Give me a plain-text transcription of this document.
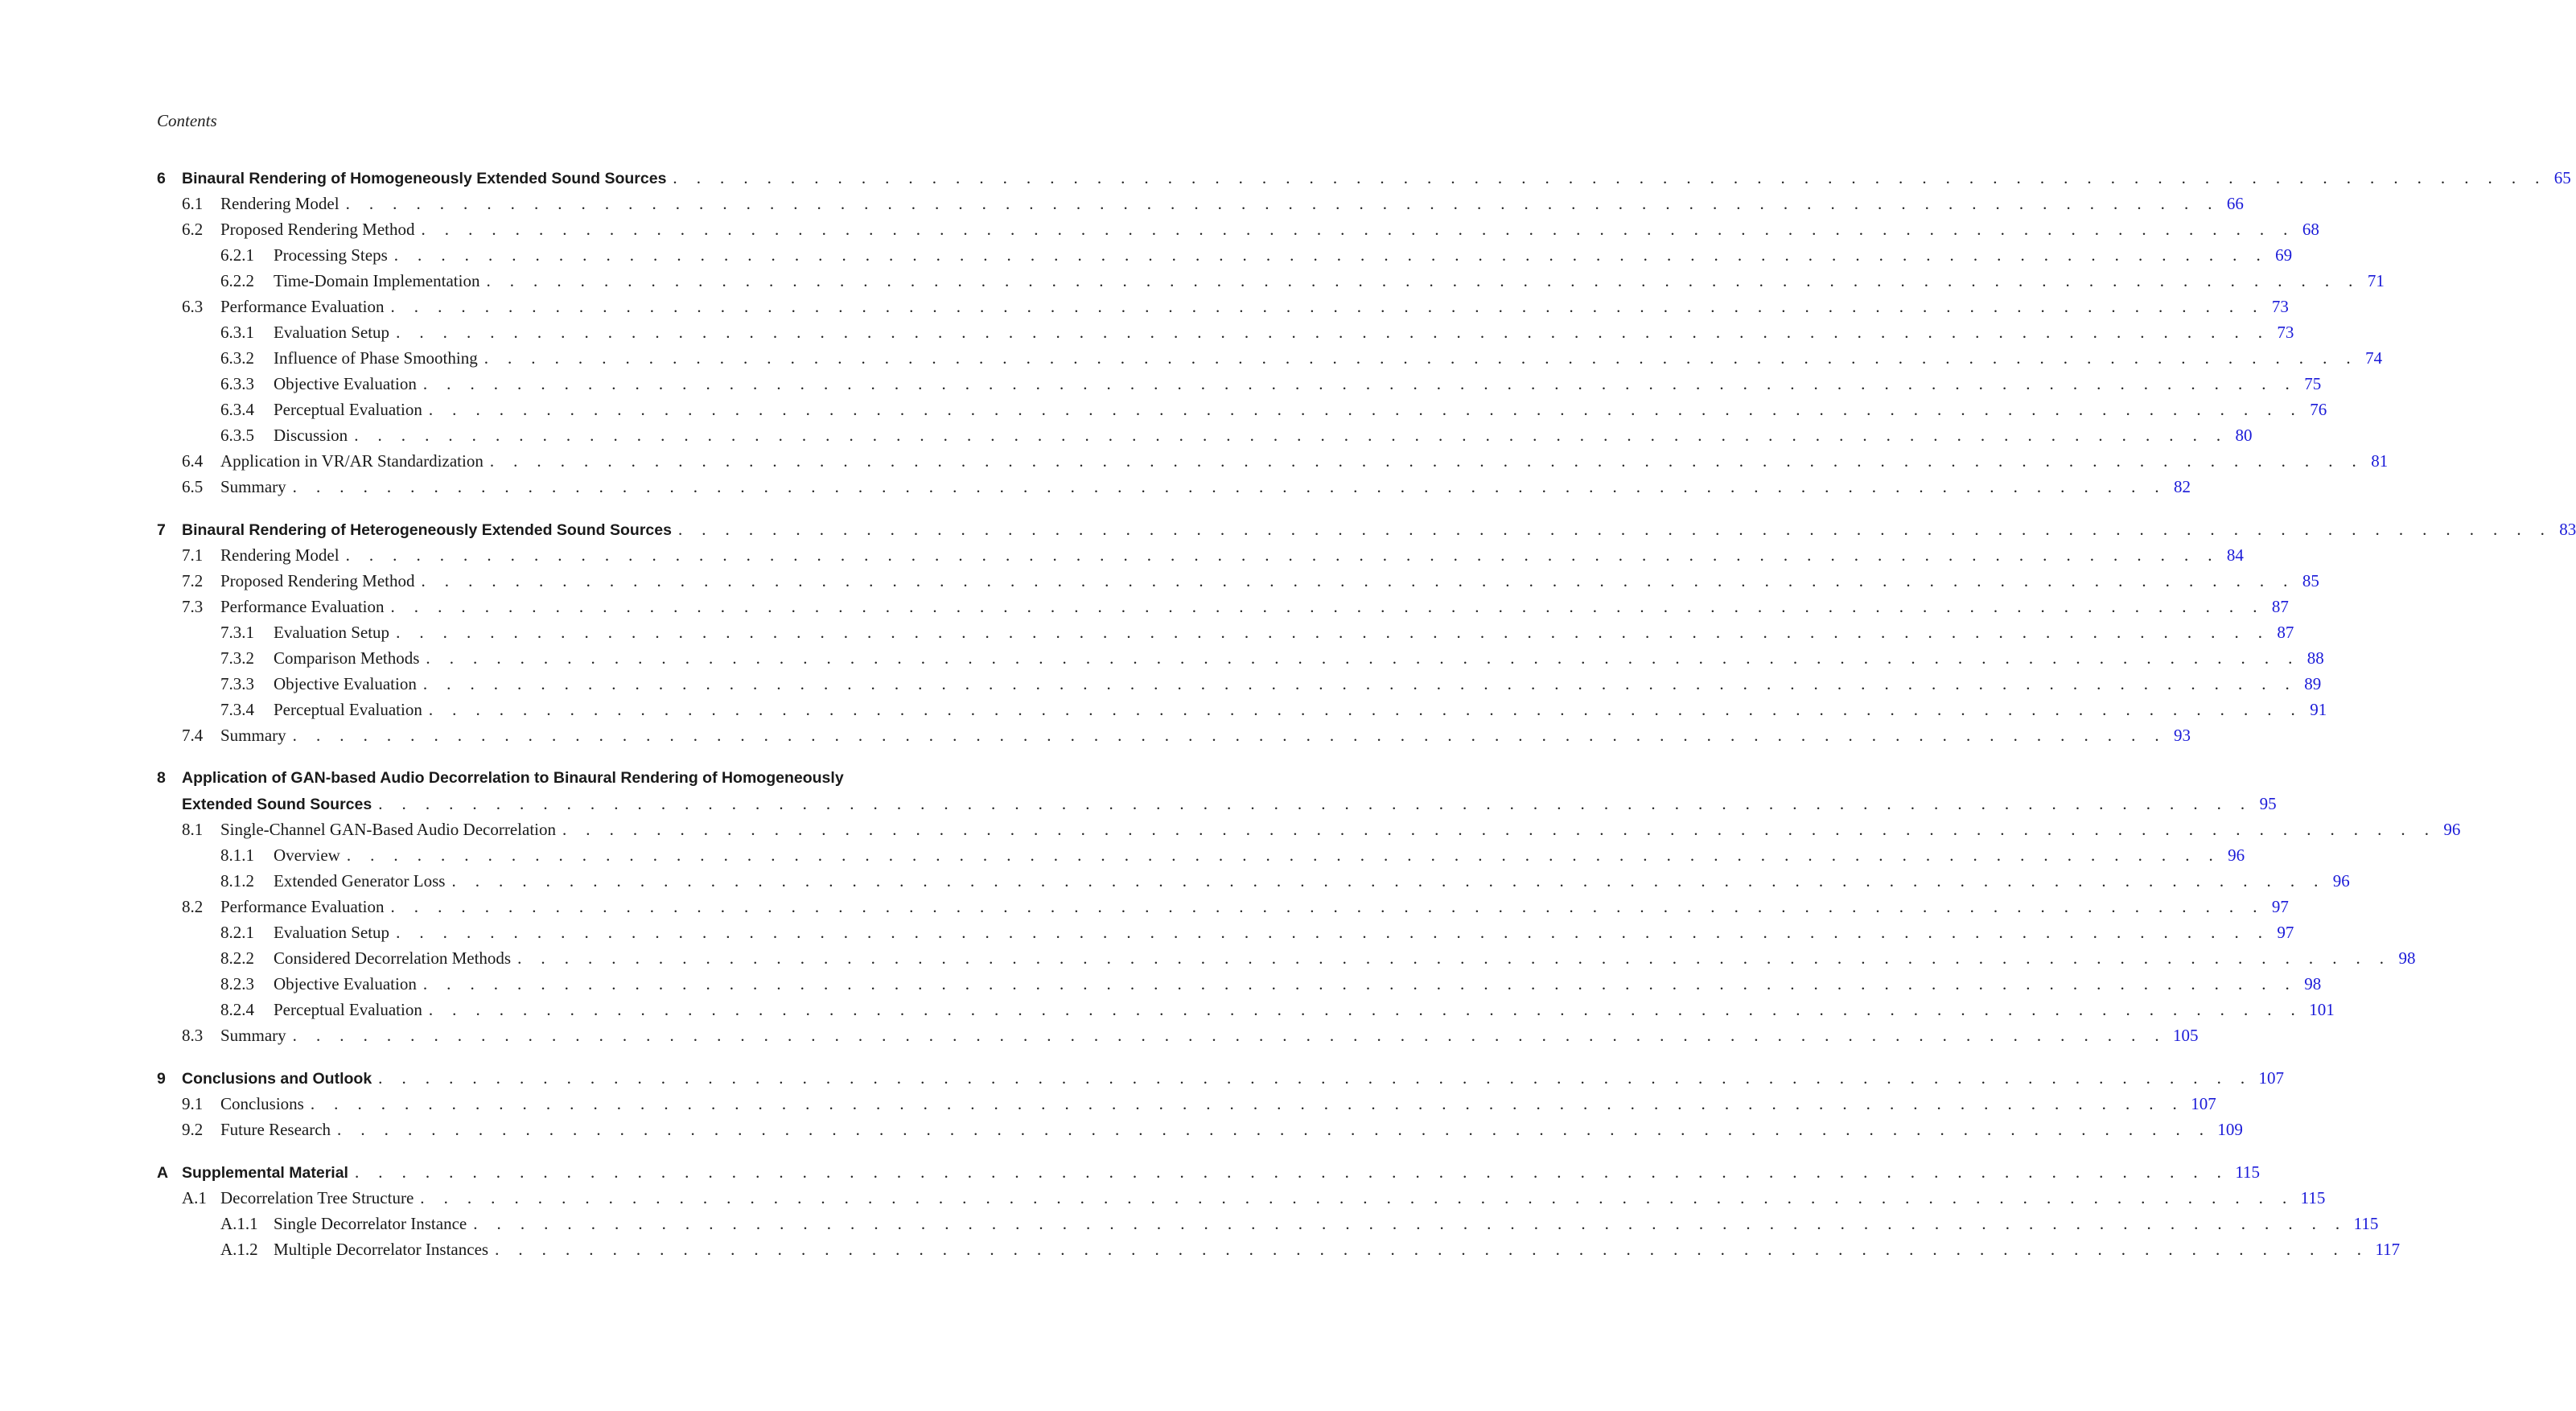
Contents
6	Binaural Rendering of Homogeneously Extended Sound Sources . . . . . . . . . . . . . . . . . . . . . . . . . . . . . . . . . . . . . . . . . . . . . . . . . . . . . . . . . . . . . . . . . . . . . . . . . . . . . . . . 65
6.1	Rendering Model . . . . . . . . . . . . . . . . . . . . . . . . . . . . . . . . . . . . . . . . . . . . . . . . . . . . . . . . . . . . . . . . . . . . . . . . . . . . . . . . 66
6.2	Proposed Rendering Method . . . . . . . . . . . . . . . . . . . . . . . . . . . . . . . . . . . . . . . . . . . . . . . . . . . . . . . . . . . . . . . . . . . . . . . . . . . . . . . . 68
6.2.1	Processing Steps . . . . . . . . . . . . . . . . . . . . . . . . . . . . . . . . . . . . . . . . . . . . . . . . . . . . . . . . . . . . . . . . . . . . . . . . . . . . . . . . 69
6.2.2	Time-Domain Implementation . . . . . . . . . . . . . . . . . . . . . . . . . . . . . . . . . . . . . . . . . . . . . . . . . . . . . . . . . . . . . . . . . . . . . . . . . . . . . . . . 71
6.3	Performance Evaluation . . . . . . . . . . . . . . . . . . . . . . . . . . . . . . . . . . . . . . . . . . . . . . . . . . . . . . . . . . . . . . . . . . . . . . . . . . . . . . . . 73
6.3.1	Evaluation Setup . . . . . . . . . . . . . . . . . . . . . . . . . . . . . . . . . . . . . . . . . . . . . . . . . . . . . . . . . . . . . . . . . . . . . . . . . . . . . . . . 73
6.3.2	Influence of Phase Smoothing . . . . . . . . . . . . . . . . . . . . . . . . . . . . . . . . . . . . . . . . . . . . . . . . . . . . . . . . . . . . . . . . . . . . . . . . . . . . . . . . 74
6.3.3	Objective Evaluation . . . . . . . . . . . . . . . . . . . . . . . . . . . . . . . . . . . . . . . . . . . . . . . . . . . . . . . . . . . . . . . . . . . . . . . . . . . . . . . . 75
6.3.4	Perceptual Evaluation . . . . . . . . . . . . . . . . . . . . . . . . . . . . . . . . . . . . . . . . . . . . . . . . . . . . . . . . . . . . . . . . . . . . . . . . . . . . . . . . 76
6.3.5	Discussion . . . . . . . . . . . . . . . . . . . . . . . . . . . . . . . . . . . . . . . . . . . . . . . . . . . . . . . . . . . . . . . . . . . . . . . . . . . . . . . . 80
6.4	Application in VR/AR Standardization . . . . . . . . . . . . . . . . . . . . . . . . . . . . . . . . . . . . . . . . . . . . . . . . . . . . . . . . . . . . . . . . . . . . . . . . . . . . . . . . 81
6.5	Summary . . . . . . . . . . . . . . . . . . . . . . . . . . . . . . . . . . . . . . . . . . . . . . . . . . . . . . . . . . . . . . . . . . . . . . . . . . . . . . . . 82
7	Binaural Rendering of Heterogeneously Extended Sound Sources . . . . . . . . . . . . . . . . . . . . . . . . . . . . . . . . . . . . . . . . . . . . . . . . . . . . . . . . . . . . . . . . . . . . . . . . . . . . . . . . 83
7.1	Rendering Model . . . . . . . . . . . . . . . . . . . . . . . . . . . . . . . . . . . . . . . . . . . . . . . . . . . . . . . . . . . . . . . . . . . . . . . . . . . . . . . . 84
7.2	Proposed Rendering Method . . . . . . . . . . . . . . . . . . . . . . . . . . . . . . . . . . . . . . . . . . . . . . . . . . . . . . . . . . . . . . . . . . . . . . . . . . . . . . . . 85
7.3	Performance Evaluation . . . . . . . . . . . . . . . . . . . . . . . . . . . . . . . . . . . . . . . . . . . . . . . . . . . . . . . . . . . . . . . . . . . . . . . . . . . . . . . . 87
7.3.1	Evaluation Setup . . . . . . . . . . . . . . . . . . . . . . . . . . . . . . . . . . . . . . . . . . . . . . . . . . . . . . . . . . . . . . . . . . . . . . . . . . . . . . . . 87
7.3.2	Comparison Methods . . . . . . . . . . . . . . . . . . . . . . . . . . . . . . . . . . . . . . . . . . . . . . . . . . . . . . . . . . . . . . . . . . . . . . . . . . . . . . . . 88
7.3.3	Objective Evaluation . . . . . . . . . . . . . . . . . . . . . . . . . . . . . . . . . . . . . . . . . . . . . . . . . . . . . . . . . . . . . . . . . . . . . . . . . . . . . . . . 89
7.3.4	Perceptual Evaluation . . . . . . . . . . . . . . . . . . . . . . . . . . . . . . . . . . . . . . . . . . . . . . . . . . . . . . . . . . . . . . . . . . . . . . . . . . . . . . . . 91
7.4	Summary . . . . . . . . . . . . . . . . . . . . . . . . . . . . . . . . . . . . . . . . . . . . . . . . . . . . . . . . . . . . . . . . . . . . . . . . . . . . . . . . 93
8	Application of GAN-based Audio Decorrelation to Binaural Rendering of Homogeneously
Extended Sound Sources . . . . . . . . . . . . . . . . . . . . . . . . . . . . . . . . . . . . . . . . . . . . . . . . . . . . . . . . . . . . . . . . . . . . . . . . . . . . . . . . 95
8.1	Single-Channel GAN-Based Audio Decorrelation . . . . . . . . . . . . . . . . . . . . . . . . . . . . . . . . . . . . . . . . . . . . . . . . . . . . . . . . . . . . . . . . . . . . . . . . . . . . . . . . 96
8.1.1	Overview . . . . . . . . . . . . . . . . . . . . . . . . . . . . . . . . . . . . . . . . . . . . . . . . . . . . . . . . . . . . . . . . . . . . . . . . . . . . . . . . 96
8.1.2	Extended Generator Loss . . . . . . . . . . . . . . . . . . . . . . . . . . . . . . . . . . . . . . . . . . . . . . . . . . . . . . . . . . . . . . . . . . . . . . . . . . . . . . . . 96
8.2	Performance Evaluation . . . . . . . . . . . . . . . . . . . . . . . . . . . . . . . . . . . . . . . . . . . . . . . . . . . . . . . . . . . . . . . . . . . . . . . . . . . . . . . . 97
8.2.1	Evaluation Setup . . . . . . . . . . . . . . . . . . . . . . . . . . . . . . . . . . . . . . . . . . . . . . . . . . . . . . . . . . . . . . . . . . . . . . . . . . . . . . . . 97
8.2.2	Considered Decorrelation Methods . . . . . . . . . . . . . . . . . . . . . . . . . . . . . . . . . . . . . . . . . . . . . . . . . . . . . . . . . . . . . . . . . . . . . . . . . . . . . . . . 98
8.2.3	Objective Evaluation . . . . . . . . . . . . . . . . . . . . . . . . . . . . . . . . . . . . . . . . . . . . . . . . . . . . . . . . . . . . . . . . . . . . . . . . . . . . . . . . 98
8.2.4	Perceptual Evaluation . . . . . . . . . . . . . . . . . . . . . . . . . . . . . . . . . . . . . . . . . . . . . . . . . . . . . . . . . . . . . . . . . . . . . . . . . . . . . . . . 101
8.3	Summary . . . . . . . . . . . . . . . . . . . . . . . . . . . . . . . . . . . . . . . . . . . . . . . . . . . . . . . . . . . . . . . . . . . . . . . . . . . . . . . . 105
9	Conclusions and Outlook . . . . . . . . . . . . . . . . . . . . . . . . . . . . . . . . . . . . . . . . . . . . . . . . . . . . . . . . . . . . . . . . . . . . . . . . . . . . . . . . 107
9.1	Conclusions . . . . . . . . . . . . . . . . . . . . . . . . . . . . . . . . . . . . . . . . . . . . . . . . . . . . . . . . . . . . . . . . . . . . . . . . . . . . . . . . 107
9.2	Future Research . . . . . . . . . . . . . . . . . . . . . . . . . . . . . . . . . . . . . . . . . . . . . . . . . . . . . . . . . . . . . . . . . . . . . . . . . . . . . . . . 109
A Supplemental Material . . . . . . . . . . . . . . . . . . . . . . . . . . . . . . . . . . . . . . . . . . . . . . . . . . . . . . . . . . . . . . . . . . . . . . . . . . . . . . . . 115
A.1 Decorrelation Tree Structure . . . . . . . . . . . . . . . . . . . . . . . . . . . . . . . . . . . . . . . . . . . . . . . . . . . . . . . . . . . . . . . . . . . . . . . . . . . . . . . . 115
A.1.1 Single Decorrelator Instance . . . . . . . . . . . . . . . . . . . . . . . . . . . . . . . . . . . . . . . . . . . . . . . . . . . . . . . . . . . . . . . . . . . . . . . . . . . . . . . . 115
A.1.2 Multiple Decorrelator Instances . . . . . . . . . . . . . . . . . . . . . . . . . . . . . . . . . . . . . . . . . . . . . . . . . . . . . . . . . . . . . . . . . . . . . . . . . . . . . . . . 117
